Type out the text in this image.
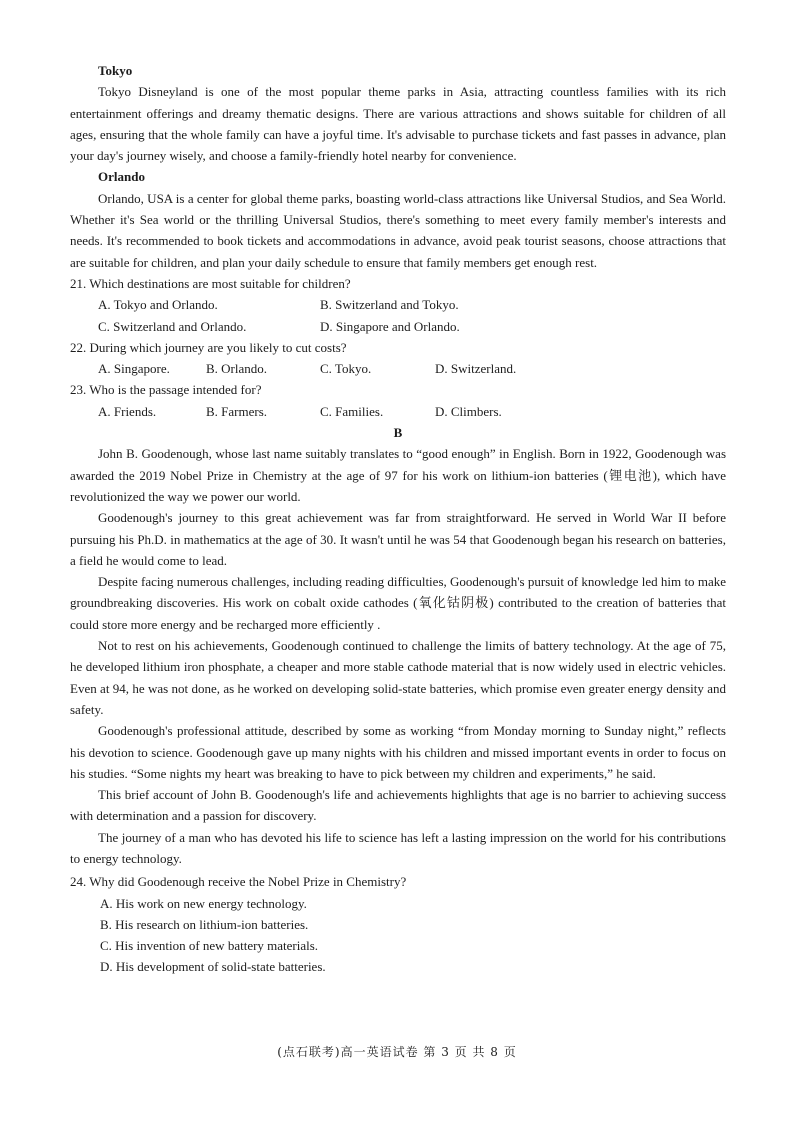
Tokyo

Tokyo Disneyland is one of the most popular theme parks in Asia, attracting countless families with its rich entertainment offerings and dreamy thematic designs. There are various attractions and shows suitable for children of all ages, ensuring that the whole family can have a joyful time. It's advisable to purchase tickets and fast passes in advance, plan your day's journey wisely, and choose a family-friendly hotel nearby for convenience.

Orlando

Orlando, USA is a center for global theme parks, boasting world-class attractions like Universal Studios, and Sea World. Whether it's Sea world or the thrilling Universal Studios, there's something to meet every family member's interests and needs. It's recommended to book tickets and accommodations in advance, avoid peak tourist seasons, choose attractions that are suitable for children, and plan your daily schedule to ensure that family members get enough rest.

21. Which destinations are most suitable for children?

A. Tokyo and Orlando.	B. Switzerland and Tokyo.
C. Switzerland and Orlando.	D. Singapore and Orlando.

22. During which journey are you likely to cut costs?

A. Singapore.	B. Orlando.	C. Tokyo.	D. Switzerland.

23. Who is the passage intended for?

A. Friends.	B. Farmers.	C. Families.	D. Climbers.

B

John B. Goodenough, whose last name suitably translates to “good enough” in English. Born in 1922, Goodenough was awarded the 2019 Nobel Prize in Chemistry at the age of 97 for his work on lithium-ion batteries (锂电池), which have revolutionized the way we power our world.

Goodenough's journey to this great achievement was far from straightforward. He served in World War II before pursuing his Ph.D. in mathematics at the age of 30. It wasn't until he was 54 that Goodenough began his research on batteries, a field he would come to lead.

Despite facing numerous challenges, including reading difficulties, Goodenough's pursuit of knowledge led him to make groundbreaking discoveries. His work on cobalt oxide cathodes (氧化钴阴极) contributed to the creation of batteries that could store more energy and be recharged more efficiently .

Not to rest on his achievements, Goodenough continued to challenge the limits of battery technology. At the age of 75, he developed lithium iron phosphate, a cheaper and more stable cathode material that is now widely used in electric vehicles. Even at 94, he was not done, as he worked on developing solid-state batteries, which promise even greater energy density and safety.

Goodenough's professional attitude, described by some as working “from Monday morning to Sunday night,” reflects his devotion to science. Goodenough gave up many nights with his children and missed important events in order to focus on his studies. “Some nights my heart was breaking to have to pick between my children and experiments,” he said.

This brief account of John B. Goodenough's life and achievements highlights that age is no barrier to achieving success with determination and a passion for discovery.

The journey of a man who has devoted his life to science has left a lasting impression on the world for his contributions to energy technology.

24. Why did Goodenough receive the Nobel Prize in Chemistry?

A. His work on new energy technology.

B. His research on lithium-ion batteries.

C. His invention of new battery materials.

D. His development of solid-state batteries.

(点石联考)高一英语试卷 第 3 页 共 8 页
